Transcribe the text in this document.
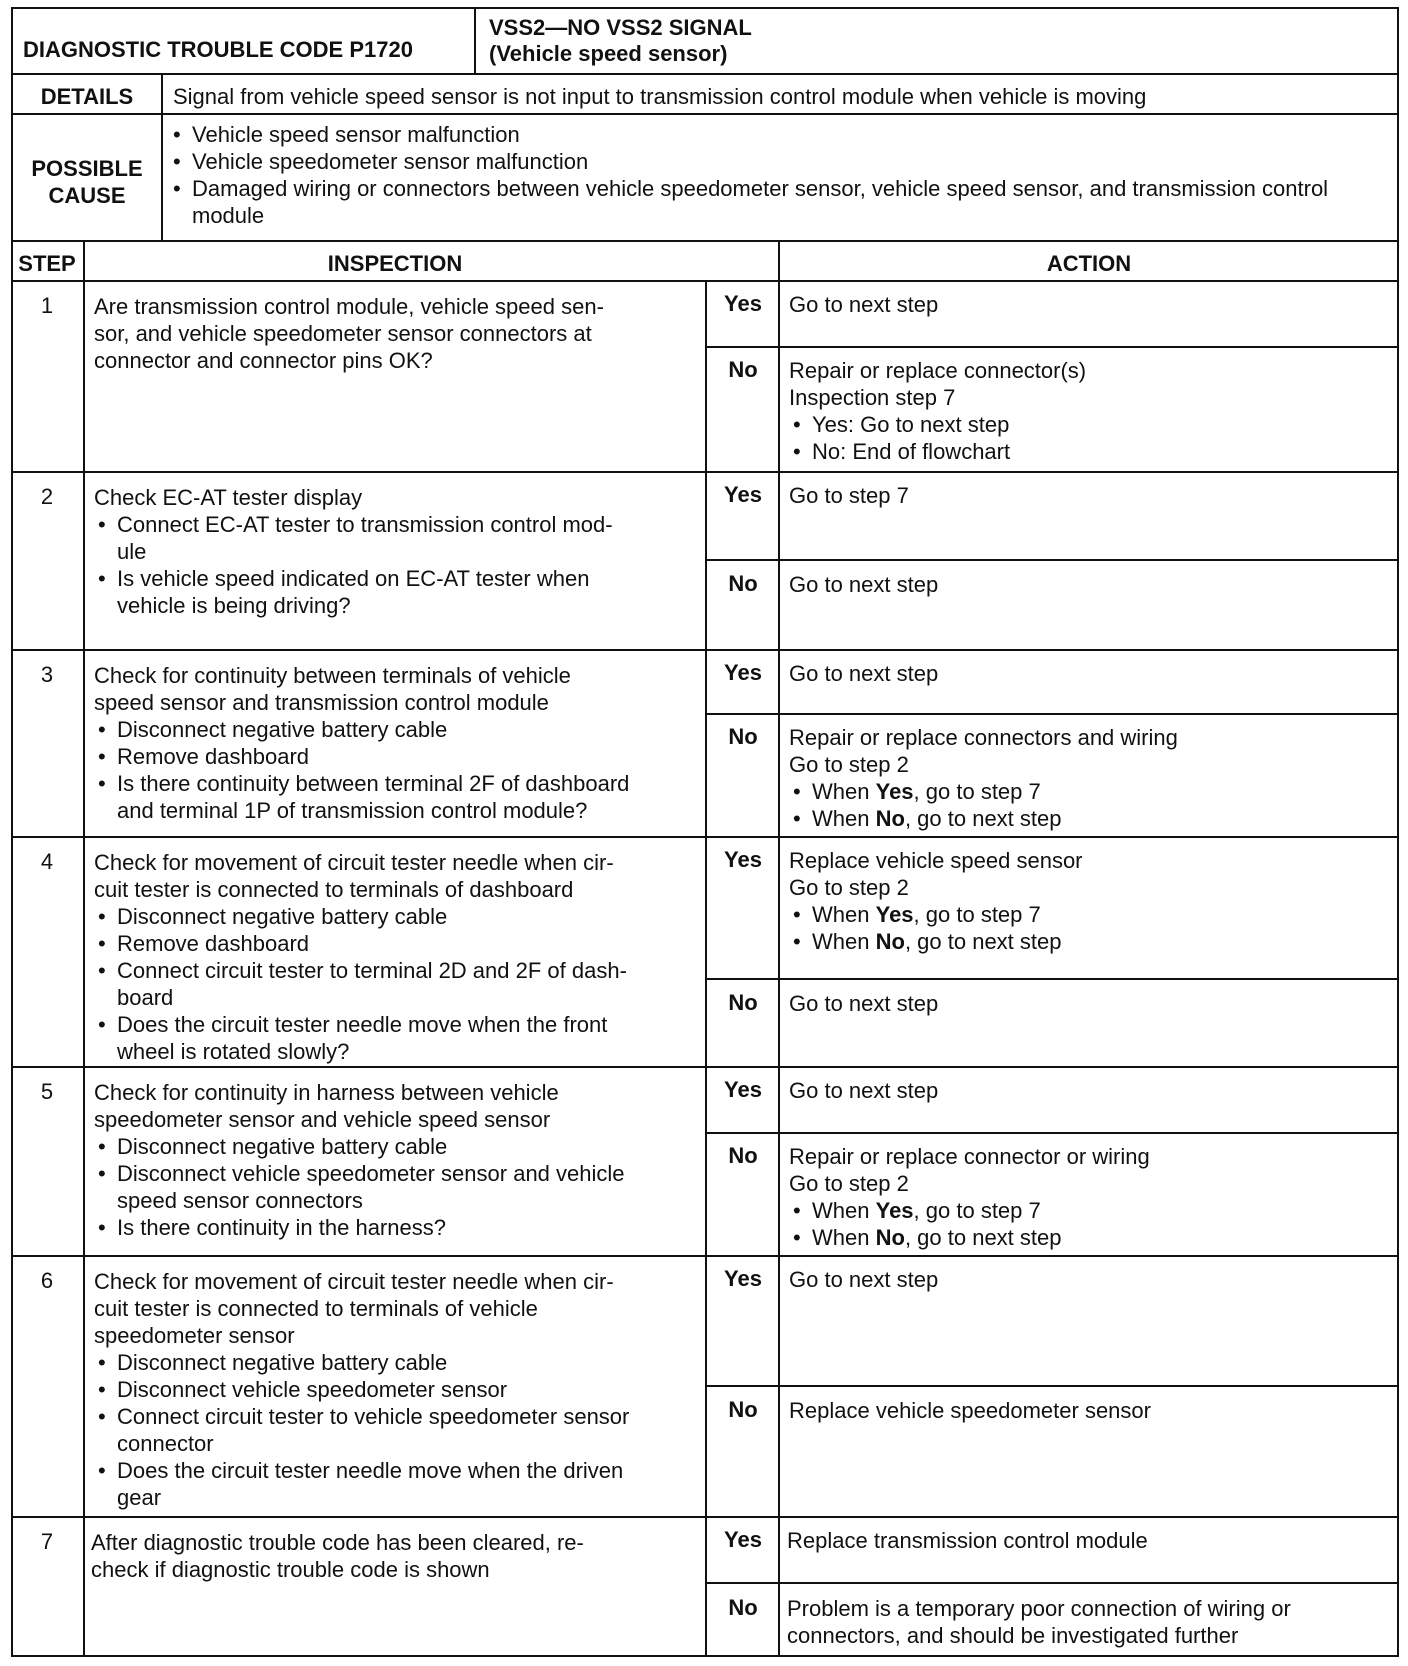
DIAGNOSTIC TROUBLE CODE P1720
VSS2—NO VSS2 SIGNAL
(Vehicle speed sensor)
DETAILS	Signal from vehicle speed sensor is not input to transmission control module when vehicle is moving
POSSIBLE
CAUSE
• Vehicle speed sensor malfunction
• Vehicle speedometer sensor malfunction
• Damaged wiring or connectors between vehicle speedometer sensor, vehicle speed sensor, and transmission control module
STEP	INSPECTION	ACTION
1	Are transmission control module, vehicle speed sen-
sor, and vehicle speedometer sensor connectors at
connector and connector pins OK?
Yes	Go to next step
No	Repair or replace connector(s)
Inspection step 7
• Yes: Go to next step
• No: End of flowchart
2	Check EC-AT tester display
• Connect EC-AT tester to transmission control mod-
ule
• Is vehicle speed indicated on EC-AT tester when
vehicle is being driving?
Yes	Go to step 7
No	Go to next step
3	Check for continuity between terminals of vehicle
speed sensor and transmission control module
• Disconnect negative battery cable
• Remove dashboard
• Is there continuity between terminal 2F of dashboard
and terminal 1P of transmission control module?
Yes	Go to next step
No	Repair or replace connectors and wiring
Go to step 2
• When Yes, go to step 7
• When No, go to next step
4	Check for movement of circuit tester needle when cir-
cuit tester is connected to terminals of dashboard
• Disconnect negative battery cable
• Remove dashboard
• Connect circuit tester to terminal 2D and 2F of dash-
board
• Does the circuit tester needle move when the front
wheel is rotated slowly?
Yes	Replace vehicle speed sensor
Go to step 2
• When Yes, go to step 7
• When No, go to next step
No	Go to next step
5	Check for continuity in harness between vehicle
speedometer sensor and vehicle speed sensor
• Disconnect negative battery cable
• Disconnect vehicle speedometer sensor and vehicle
speed sensor connectors
• Is there continuity in the harness?
Yes	Go to next step
No	Repair or replace connector or wiring
Go to step 2
• When Yes, go to step 7
• When No, go to next step
6	Check for movement of circuit tester needle when cir-
cuit tester is connected to terminals of vehicle
speedometer sensor
• Disconnect negative battery cable
• Disconnect vehicle speedometer sensor
• Connect circuit tester to vehicle speedometer sensor
connector
• Does the circuit tester needle move when the driven
gear
Yes	Go to next step
No	Replace vehicle speedometer sensor
7	After diagnostic trouble code has been cleared, re-
check if diagnostic trouble code is shown
Yes	Replace transmission control module
No	Problem is a temporary poor connection of wiring or
connectors, and should be investigated further
